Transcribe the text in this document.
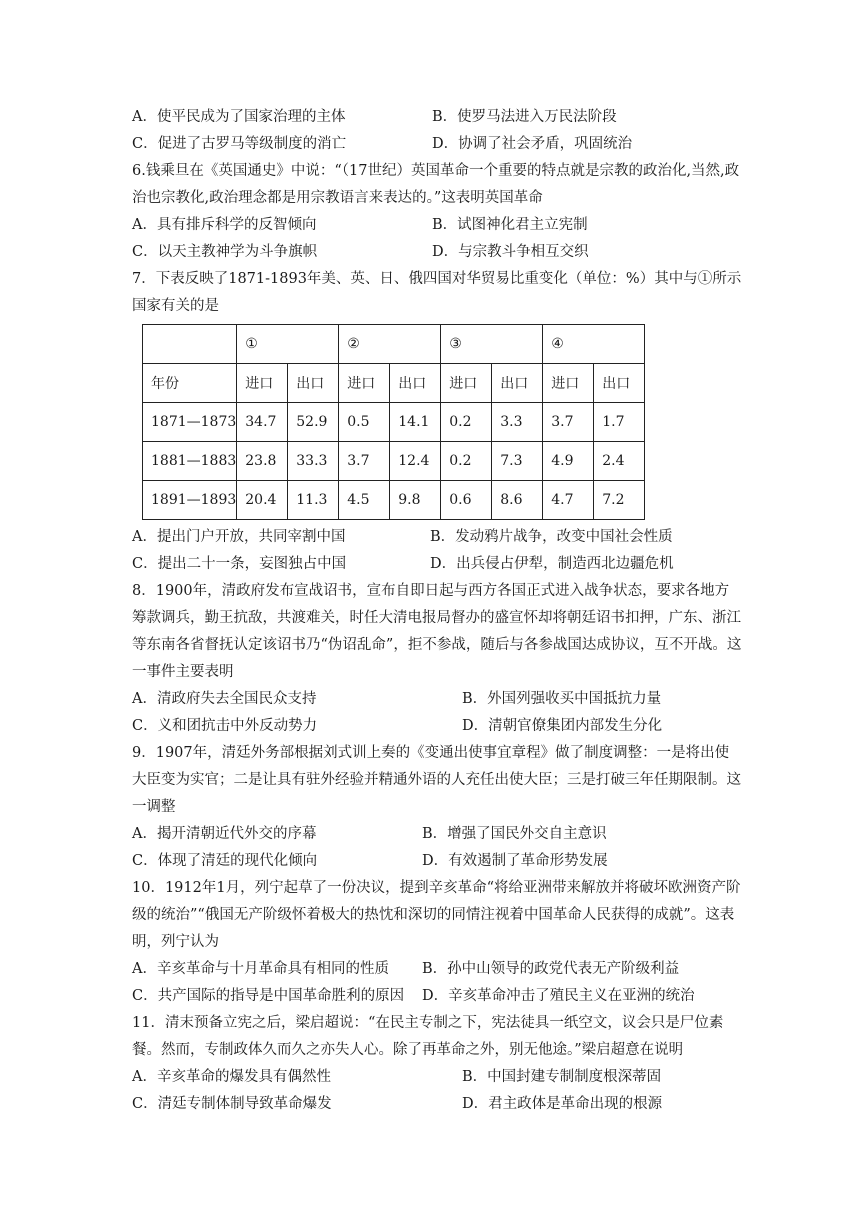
A．使平民成为了国家治理的主体	B．使罗马法进入万民法阶段
C．促进了古罗马等级制度的消亡	D．协调了社会矛盾，巩固统治
6.钱乘旦在《英国通史》中说：“（17世纪）英国革命一个重要的特点就是宗教的政治化,当然,政治也宗教化,政治理念都是用宗教语言来表达的。”这表明英国革命
A．具有排斥科学的反智倾向	B．试图神化君主立宪制
C．以天主教神学为斗争旗帜	D．与宗教斗争相互交织
7．下表反映了1871-1893年美、英、日、俄四国对华贸易比重变化（单位：%）其中与①所示国家有关的是
	①		②		③		④	
年份	进口	出口	进口	出口	进口	出口	进口	出口
1871—1873	34.7	52.9	0.5	14.1	0.2	3.3	3.7	1.7
1881—1883	23.8	33.3	3.7	12.4	0.2	7.3	4.9	2.4
1891—1893	20.4	11.3	4.5	9.8	0.6	8.6	4.7	7.2
A．提出门户开放，共同宰割中国	B．发动鸦片战争，改变中国社会性质
C．提出二十一条，妄图独占中国	D．出兵侵占伊犁，制造西北边疆危机
8．1900年，清政府发布宣战诏书，宣布自即日起与西方各国正式进入战争状态，要求各地方筹款调兵，勤王抗敌，共渡难关，时任大清电报局督办的盛宣怀却将朝廷诏书扣押，广东、浙江等东南各省督抚认定该诏书乃“伪诏乱命”，拒不参战，随后与各参战国达成协议，互不开战。这一事件主要表明
A．清政府失去全国民众支持	B．外国列强收买中国抵抗力量
C．义和团抗击中外反动势力	D．清朝官僚集团内部发生分化
9．1907年，清廷外务部根据刘式训上奏的《变通出使事宜章程》做了制度调整：一是将出使大臣变为实官；二是让具有驻外经验并精通外语的人充任出使大臣；三是打破三年任期限制。这一调整
A．揭开清朝近代外交的序幕	B．增强了国民外交自主意识
C．体现了清廷的现代化倾向	D．有效遏制了革命形势发展
10．1912年1月，列宁起草了一份决议，提到辛亥革命“将给亚洲带来解放并将破坏欧洲资产阶级的统治”“俄国无产阶级怀着极大的热忱和深切的同情注视着中国革命人民获得的成就”。这表明，列宁认为
A．辛亥革命与十月革命具有相同的性质	B．孙中山领导的政党代表无产阶级利益
C．共产国际的指导是中国革命胜利的原因	D．辛亥革命冲击了殖民主义在亚洲的统治
11．清末预备立宪之后，梁启超说：“在民主专制之下，宪法徒具一纸空文，议会只是尸位素餐。然而，专制政体久而久之亦失人心。除了再革命之外，别无他途。”梁启超意在说明
A．辛亥革命的爆发具有偶然性	B．中国封建专制制度根深蒂固
C．清廷专制体制导致革命爆发	D．君主政体是革命出现的根源
